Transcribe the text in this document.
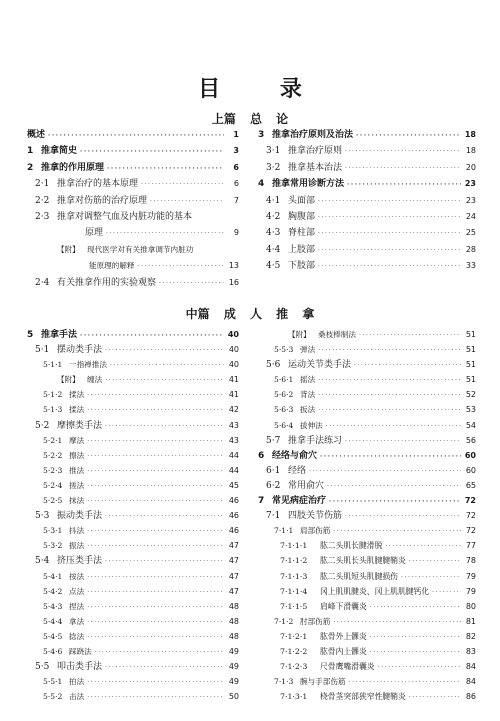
目 录
上篇 总 论
概述 ·····	1
1 推拿简史 ·····	3
2 推拿的作用原理 ·····	6
2·1 推拿治疗的基本原理 ·····	6
2·2 推拿对伤筋的治疗原理 ·····	7
2·3 推拿对调整气血及内脏功能的基本
原理 ·····	9
【附】 现代医学对有关推拿调节内脏功
能原理的解释 ·····	13
2·4 有关推拿作用的实验观察 ·····	16
3 推拿治疗原则及治法 ·····	18
3·1 推拿治疗原则 ·····	18
3·2 推拿基本治法 ·····	20
4 推拿常用诊断方法 ·····	23
4·1 头面部 ·····	23
4·2 胸腹部 ·····	24
4·3 脊柱部 ·····	25
4·4 上肢部 ·····	28
4·5 下肢部 ·····	33
中篇 成 人 推 拿
5 推拿手法 ·····	40
5·1 摆动类手法 ·····	40
5·1·1 一指禅推法 ·····	40
【附】 缠法 ·····	41
5·1·2 揉法 ·····	41
5·1·3 揉法 ·····	42
5·2 摩擦类手法 ·····	43
5·2·1 摩法 ·····	43
5·2·2 擦法 ·····	44
5·2·3 推法 ·····	44
5·2·4 搓法 ·····	45
5·2·5 抹法 ·····	46
5·3 振动类手法 ·····	46
5·3·1 抖法 ·····	46
5·3·2 振法 ·····	47
5·4 挤压类手法 ·····	47
5·4·1 按法 ·····	47
5·4·2 点法 ·····	47
5·4·3 捏法 ·····	48
5·4·4 拿法 ·····	48
5·4·5 捻法 ·····	48
5·4·6 踩跷法 ·····	49
5·5 叩击类手法 ·····	49
5·5·1 拍法 ·····	49
5·5·2 击法 ·····	50
【附】 桑枝棒制法 ·····	51
5·5·3 弹法 ·····	51
5·6 运动关节类手法 ·····	51
5·6·1 摇法 ·····	51
5·6·2 背法 ·····	52
5·6·3 扳法 ·····	53
5·6·4 拔伸法 ·····	54
5·7 推拿手法练习 ·····	56
6 经络与俞穴 ·····	60
6·1 经络 ·····	60
6·2 常用俞穴 ·····	65
7 常见病症治疗 ·····	72
7·1 四肢关节伤筋 ·····	72
7·1·1 肩部伤筋 ·····	72
7·1·1·1	肱二头肌长腱滑脱 ·····	77
7·1·1·2	肱二头肌长头肌腱腱鞘炎 ·····	78
7·1·1·3	肱二头肌短头肌腱损伤 ·····	79
7·1·1·4	冈上肌肌腱炎、冈上肌肌腱钙化 ·····	79
7·1·1·5	肩峰下滑囊炎 ·····	80
7·1·2 肘部伤筋 ·····	81
7·1·2·1	肱骨外上髁炎 ·····	82
7·1·2·2	肱骨内上髁炎 ·····	83
7·1·2·3	尺骨鹰嘴滑囊炎 ·····	84
7·1·3 腕与手部伤筋 ·····	84
7·1·3·1	桡骨茎突部狭窄性腱鞘炎 ·····	86
